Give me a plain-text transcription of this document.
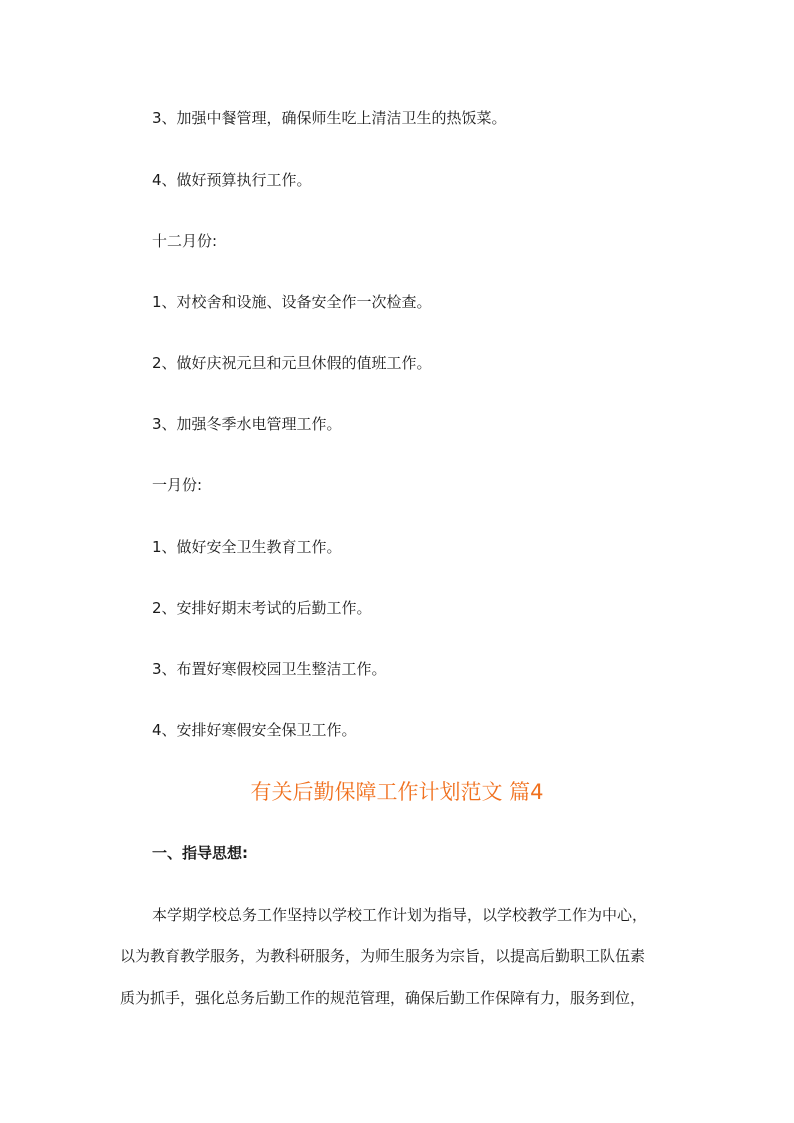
3、加强中餐管理，确保师生吃上清洁卫生的热饭菜。
4、做好预算执行工作。
十二月份:
1、对校舍和设施、设备安全作一次检查。
2、做好庆祝元旦和元旦休假的值班工作。
3、加强冬季水电管理工作。
一月份:
1、做好安全卫生教育工作。
2、安排好期末考试的后勤工作。
3、布置好寒假校园卫生整洁工作。
4、安排好寒假安全保卫工作。
有关后勤保障工作计划范文 篇4
一、指导思想:
本学期学校总务工作坚持以学校工作计划为指导，以学校教学工作为中心，
以为教育教学服务，为教科研服务，为师生服务为宗旨，以提高后勤职工队伍素
质为抓手，强化总务后勤工作的规范管理，确保后勤工作保障有力，服务到位，
